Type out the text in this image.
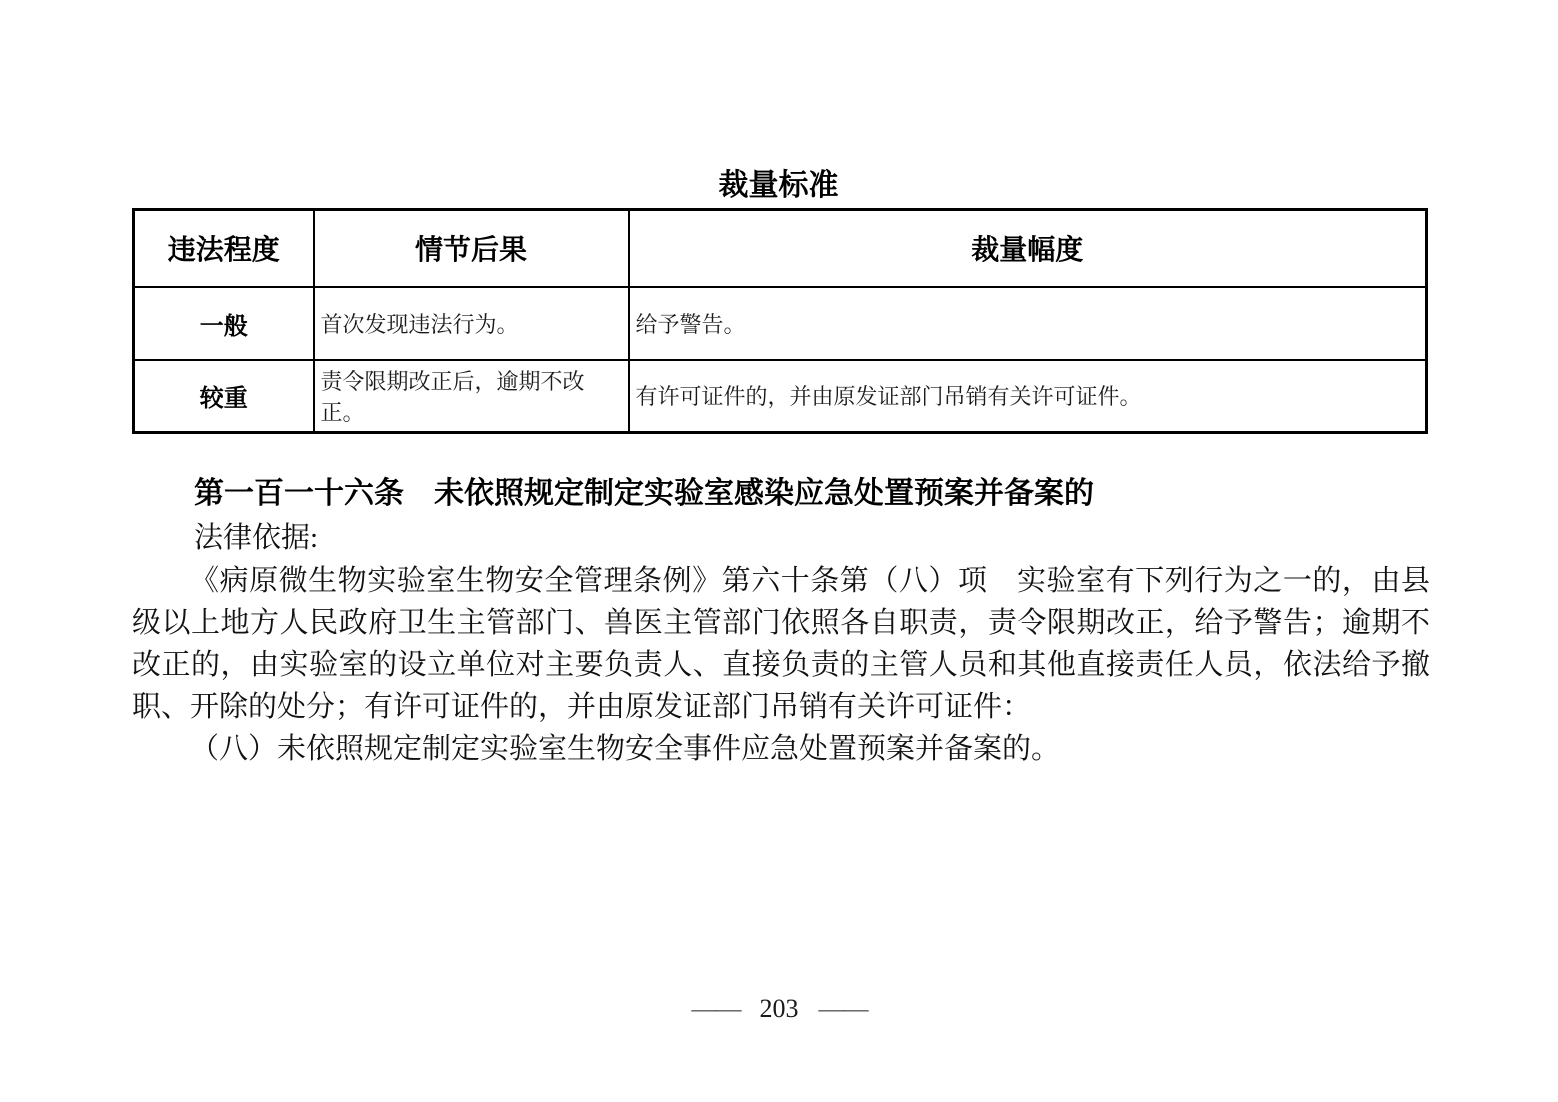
裁量标准
违法程度	情节后果	裁量幅度
一般	首次发现违法行为。	给予警告。
较重	责令限期改正后，逾期不改正。	有许可证件的，并由原发证部门吊销有关许可证件。
第一百一十六条　未依照规定制定实验室感染应急处置预案并备案的
法律依据:
《病原微生物实验室生物安全管理条例》第六十条第（八）项　实验室有下列行为之一的，由县级以上地方人民政府卫生主管部门、兽医主管部门依照各自职责，责令限期改正，给予警告；逾期不改正的，由实验室的设立单位对主要负责人、直接负责的主管人员和其他直接责任人员，依法给予撤职、开除的处分；有许可证件的，并由原发证部门吊销有关许可证件：
（八）未依照规定制定实验室生物安全事件应急处置预案并备案的。
—— 203 ——
